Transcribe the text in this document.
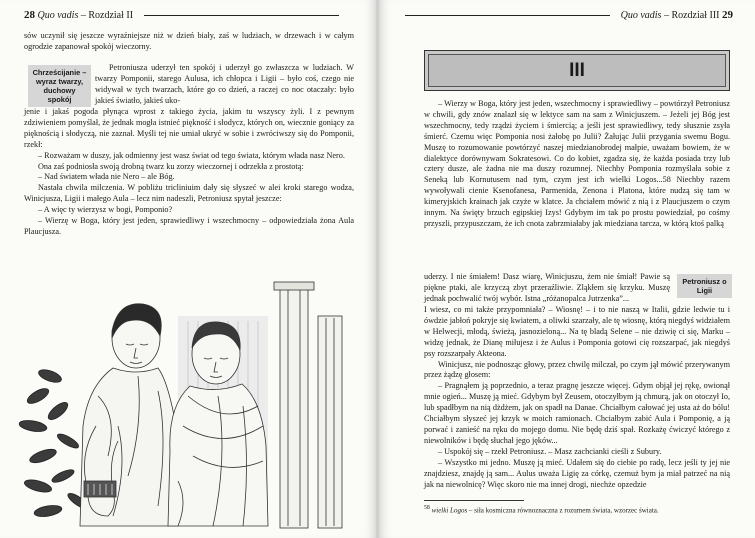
28 Quo vadis – Rozdział II

sów uczynił się jeszcze wyraźniejsze niż w dzień biały, zaś w ludziach, w drzewach i w całym ogrodzie zapanował spokój wieczorny.

Chrześcijanie – wyraz twarzy, duchowy spokój

Petroniusza uderzył ten spokój i uderzył go zwłaszcza w ludziach. W twarzy Pomponii, starego Aulusa, ich chłopca i Ligii – było coś, czego nie widywał w tych twarzach, które go co dzień, a raczej co noc otaczały: było jakieś światło, jakieś uko-

jenie i jakaś pogoda płynąca wprost z takiego życia, jakim tu wszyscy żyli. I z pewnym zdziwieniem pomyślał, że jednak mogła istnieć piękność i słodycz, których on, wiecznie goniący za pięknością i słodyczą, nie zaznał. Myśli tej nie umiał ukryć w sobie i zwróciwszy się do Pomponii, rzekł:

– Rozważam w duszy, jak odmienny jest wasz świat od tego świata, którym włada nasz Nero.

Ona zaś podniosła swoją drobną twarz ku zorzy wieczornej i odrzekła z prostotą:

– Nad światem włada nie Nero – ale Bóg.

Nastała chwila milczenia. W pobliżu tricliniuim dały się słyszeć w alei kroki starego wodza, Winicjusza, Ligii i małego Aula – lecz nim nadeszli, Petroniusz spytał jeszcze:

– A więc ty wierzysz w bogi, Pomponio?

– Wierzę w Boga, który jest jeden, sprawiedliwy i wszechmocny – odpowiedziała żona Aula Plaucjusza.

Quo vadis – Rozdział III 29

– Wierzy w Boga, który jest jeden, wszechmocny i sprawiedliwy – powtórzył Petroniusz w chwili, gdy znów znalazł się w lektyce sam na sam z Winicjuszem. – Jeżeli jej Bóg jest wszechmocny, tedy rządzi życiem i śmiercią; a jeśli jest sprawiedliwy, tedy słusznie zsyła śmierć. Czemu więc Pomponia nosi żałobę po Julii? Żałując Julii przygania swemu Bogu. Muszę to rozumowanie powtórzyć naszej miedzianobrodej małpie, uważam bowiem, że w dialektyce dorównywam Sokratesowi. Co do kobiet, zgadza się, że każda posiada trzy lub cztery dusze, ale żadna nie ma duszy rozumnej. Niechby Pomponia rozmyślała sobie z Seneką lub Kornutusem nad tym, czym jest ich wielki Logos...58 Niechby razem wywoływali cienie Ksenofanesa, Parmenida, Zenona i Platona, które nudzą się tam w kimeryjskich krainach jak czyże w klatce. Ja chciałem mówić z nią i z Plaucjuszem o czym innym. Na święty brzuch egipskiej Izys! Gdybym im tak po prostu powiedział, po cośmy przyszli, przypuszczam, że ich cnota zabrzmiałaby jak miedziana tarcza, w którą ktoś palką

uderzy. I nie śmiałem! Dasz wiarę, Winicjuszu, żem nie śmiał! Pawie są piękne ptaki, ale krzyczą zbyt przeraźliwie. Zląkłem się krzyku. Muszę jednak pochwalić twój wybór. Istna „różanopalca Jutrzenka”...

Petroniusz o Ligii

I wiesz, co mi także przypomniała? – Wiosnę! – i to nie naszą w Italii, gdzie ledwie tu i ówdzie jabłoń pokryje się kwiatem, a oliwki szarzały, ale tę wiosnę, którą niegdyś widziałem w Helwecji, młodą, świeżą, jasnozieloną... Na tę bladą Selene – nie dziwię ci się, Marku – widzę jednak, że Dianę miłujesz i że Aulus i Pomponia gotowi cię rozszarpać, jak niegdyś psy rozszarpały Akteona.

Winicjusz, nie podnosząc głowy, przez chwilę milczał, po czym jął mówić przerywanym przez żądzę głosem:

– Pragnąłem ją poprzednio, a teraz pragnę jeszcze więcej. Gdym objął jej rękę, owionął mnie ogień... Muszę ją mieć. Gdybym był Zeusem, otoczyłbym ją chmurą, jak on otoczył Io, lub spadłbym na nią dżdżem, jak on spadł na Danae. Chciałbym całować jej usta aż do bólu! Chciałbym słyszeć jej krzyk w moich ramionach. Chciałbym zabić Aula i Pomponię, a ją porwać i zanieść na ręku do mojego domu. Nie będę dziś spał. Rozkażę ćwiczyć którego z niewolników i będę słuchał jego jęków...

– Uspokój się – rzekł Petroniusz. – Masz zachcianki cieśli z Subury.

– Wszystko mi jedno. Muszę ją mieć. Udałem się do ciebie po radę, lecz jeśli ty jej nie znajdziesz, znajdę ją sam... Aulus uważa Ligię za córkę, czemuż bym ja miał patrzeć na nią jak na niewolnicę? Więc skoro nie ma innej drogi, niechże opzedzie

$^{58}$ wielki Logos – siła kosmiczna równoznaczna z rozumem świata, wzorzec świata.
III
